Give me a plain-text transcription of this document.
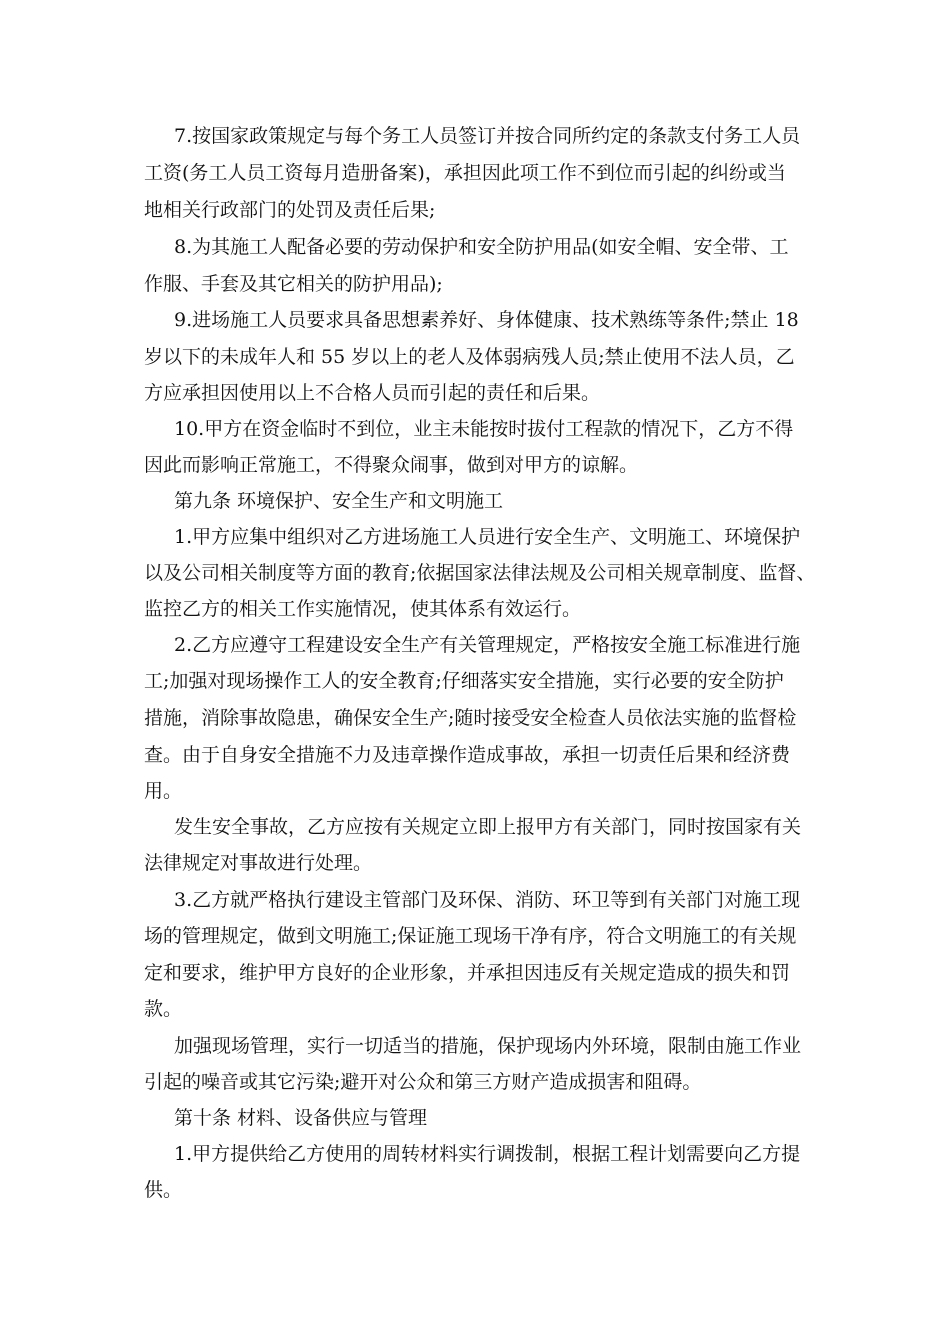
7.按国家政策规定与每个务工人员签订并按合同所约定的条款支付务工人员
工资(务工人员工资每月造册备案)，承担因此项工作不到位而引起的纠纷或当
地相关行政部门的处罚及责任后果;
8.为其施工人配备必要的劳动保护和安全防护用品(如安全帽、安全带、工
作服、手套及其它相关的防护用品);
9.进场施工人员要求具备思想素养好、身体健康、技术熟练等条件;禁止 18
岁以下的未成年人和 55 岁以上的老人及体弱病残人员;禁止使用不法人员，乙
方应承担因使用以上不合格人员而引起的责任和后果。
10.甲方在资金临时不到位，业主未能按时拔付工程款的情况下，乙方不得
因此而影响正常施工，不得聚众闹事，做到对甲方的谅解。
第九条 环境保护、安全生产和文明施工
1.甲方应集中组织对乙方进场施工人员进行安全生产、文明施工、环境保护
以及公司相关制度等方面的教育;依据国家法律法规及公司相关规章制度、监督、
监控乙方的相关工作实施情况，使其体系有效运行。
2.乙方应遵守工程建设安全生产有关管理规定，严格按安全施工标准进行施
工;加强对现场操作工人的安全教育;仔细落实安全措施，实行必要的安全防护
措施，消除事故隐患，确保安全生产;随时接受安全检查人员依法实施的监督检
查。由于自身安全措施不力及违章操作造成事故，承担一切责任后果和经济费
用。
发生安全事故，乙方应按有关规定立即上报甲方有关部门，同时按国家有关
法律规定对事故进行处理。
3.乙方就严格执行建设主管部门及环保、消防、环卫等到有关部门对施工现
场的管理规定，做到文明施工;保证施工现场干净有序，符合文明施工的有关规
定和要求，维护甲方良好的企业形象，并承担因违反有关规定造成的损失和罚
款。
加强现场管理，实行一切适当的措施，保护现场内外环境，限制由施工作业
引起的噪音或其它污染;避开对公众和第三方财产造成损害和阻碍。
第十条 材料、设备供应与管理
1.甲方提供给乙方使用的周转材料实行调拨制，根据工程计划需要向乙方提
供。
